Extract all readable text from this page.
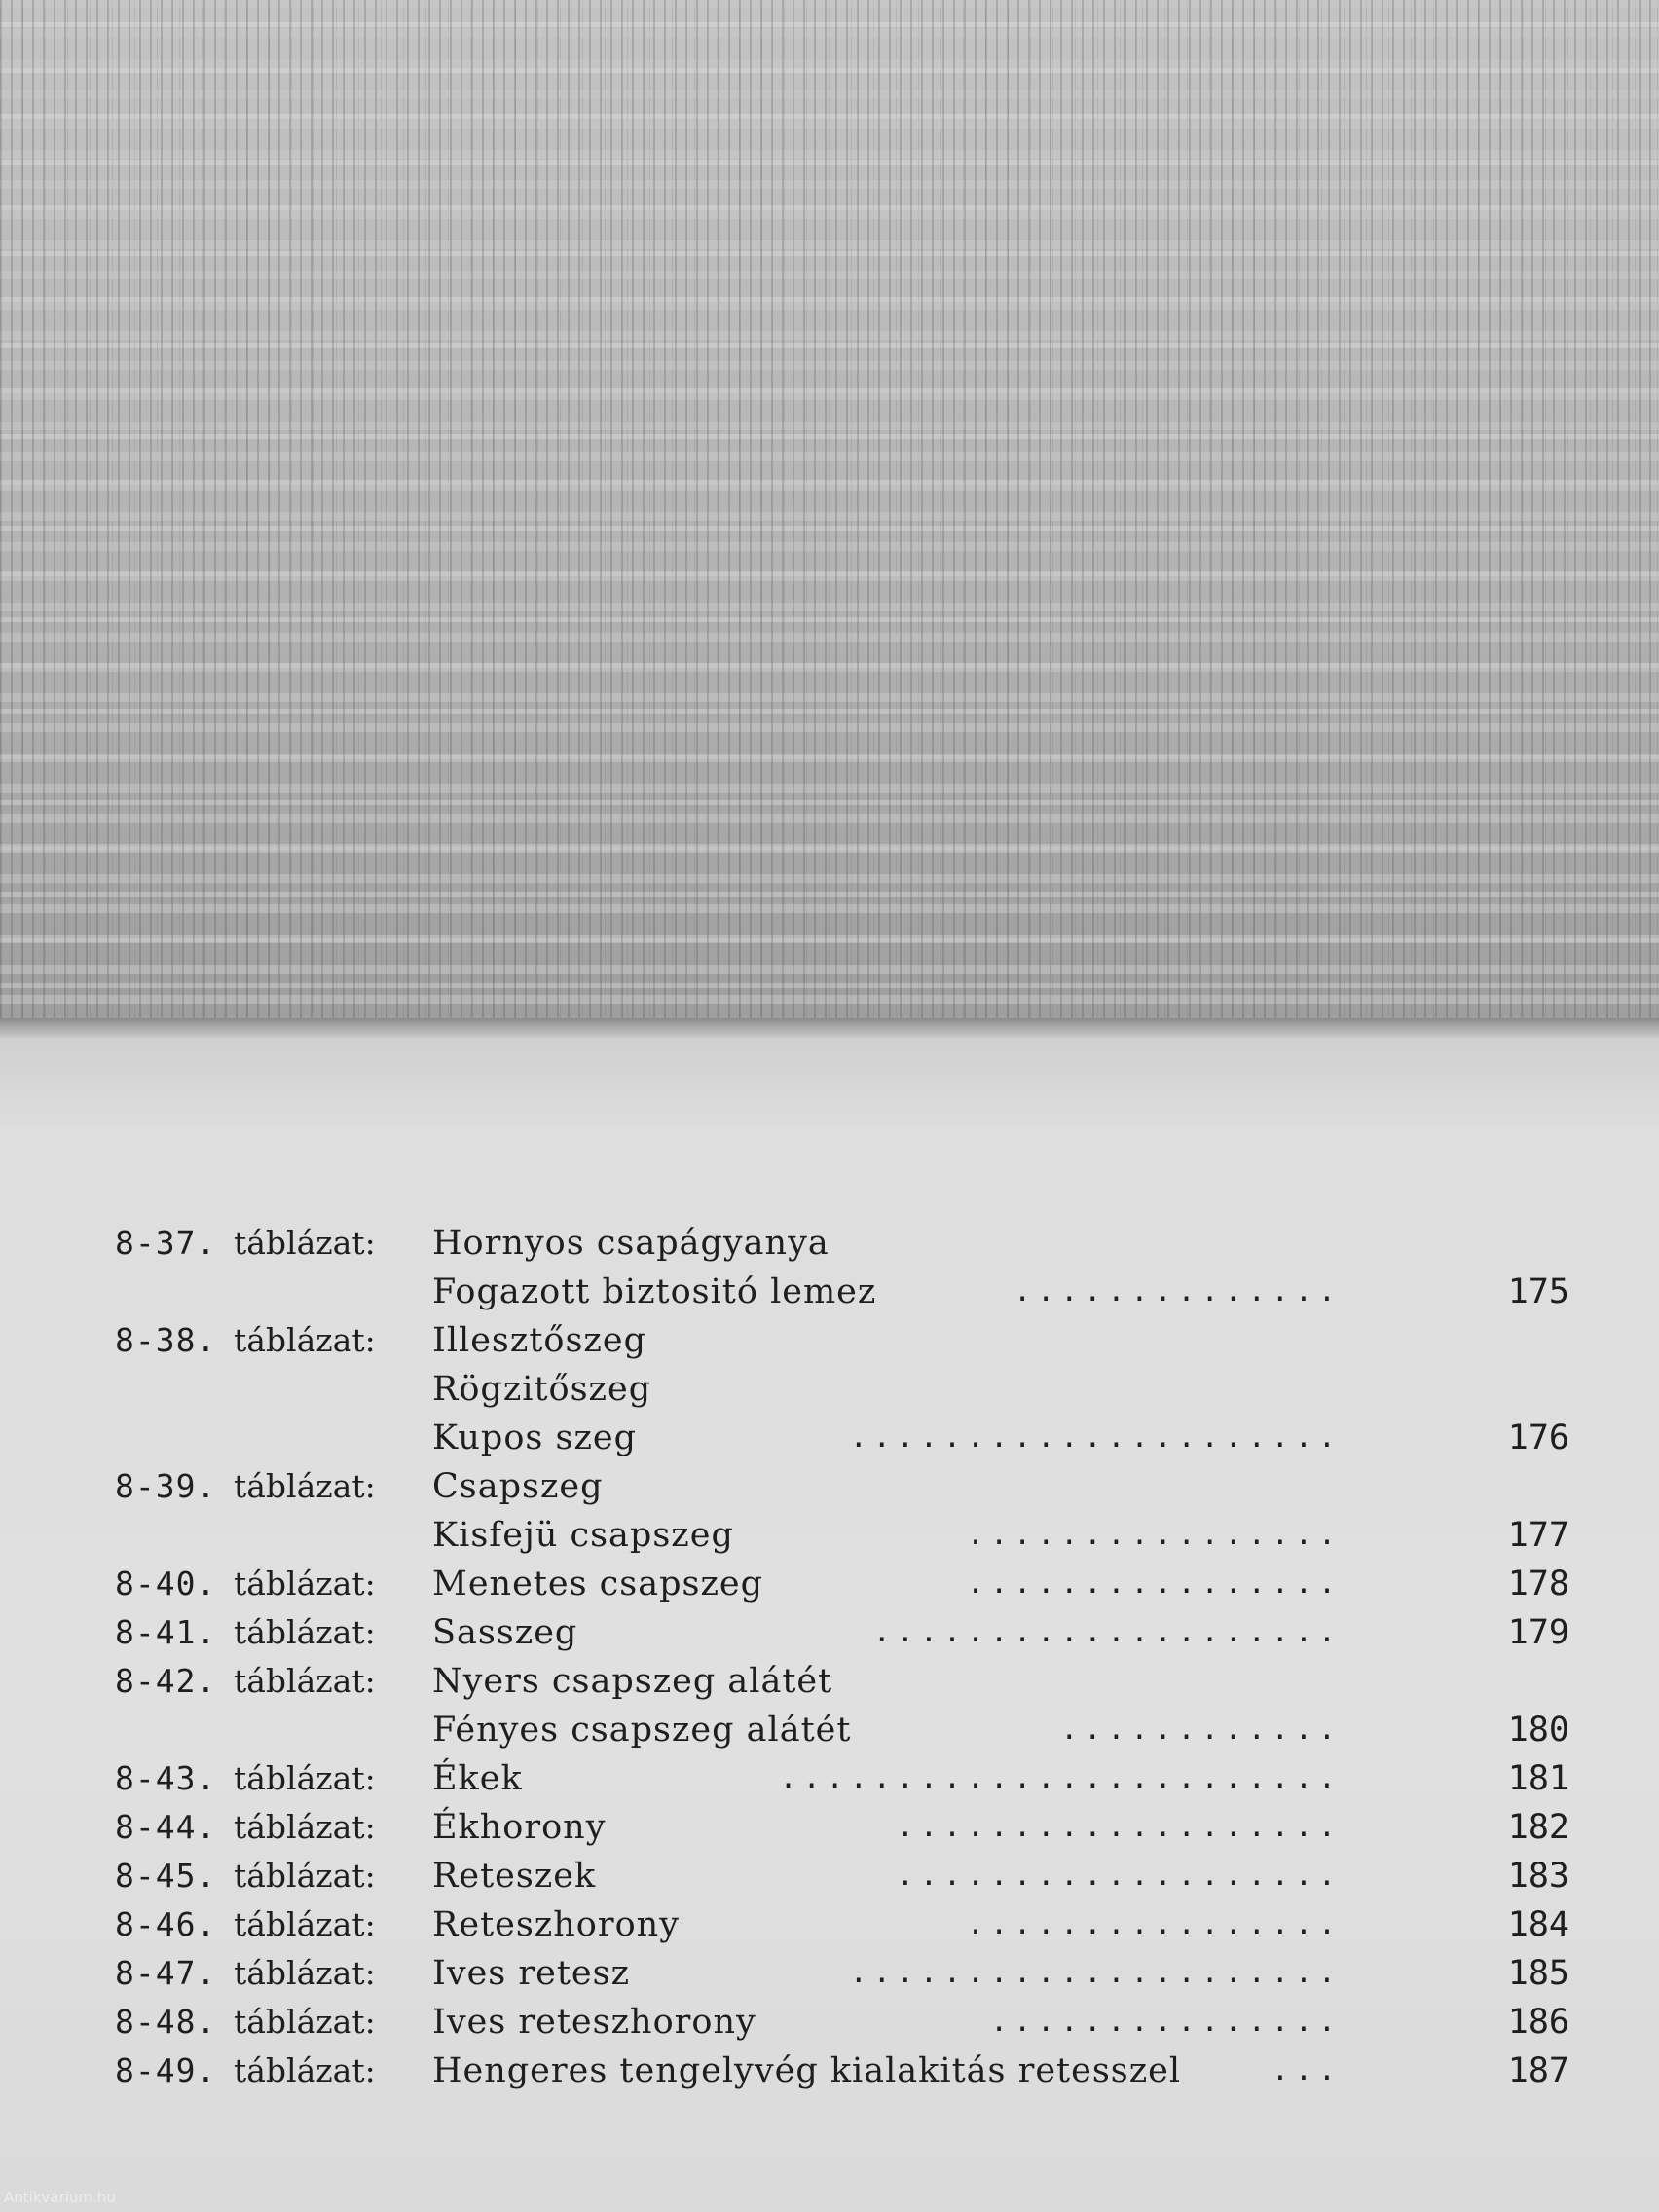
8-37. táblázat: Hornyos csapágyanya
Fogazott biztositó lemez	..............	175
8-38. táblázat: Illesztőszeg
Rögzitőszeg
Kupos szeg	.....................	176
8-39. táblázat: Csapszeg
Kisfejü csapszeg	................	177
8-40. táblázat: Menetes csapszeg	................	178
8-41. táblázat: Sasszeg	....................	179
8-42. táblázat: Nyers csapszeg alátét
Fényes csapszeg alátét	............	180
8-43. táblázat: Ékek	........................	181
8-44. táblázat: Ékhorony	...................	182
8-45. táblázat: Reteszek	...................	183
8-46. táblázat: Reteszhorony	................	184
8-47. táblázat: Ives retesz	.....................	185
8-48. táblázat: Ives reteszhorony	...............	186
8-49. táblázat: Hengeres tengelyvég kialakitás retesszel	...	187
Antikvárium.hu
